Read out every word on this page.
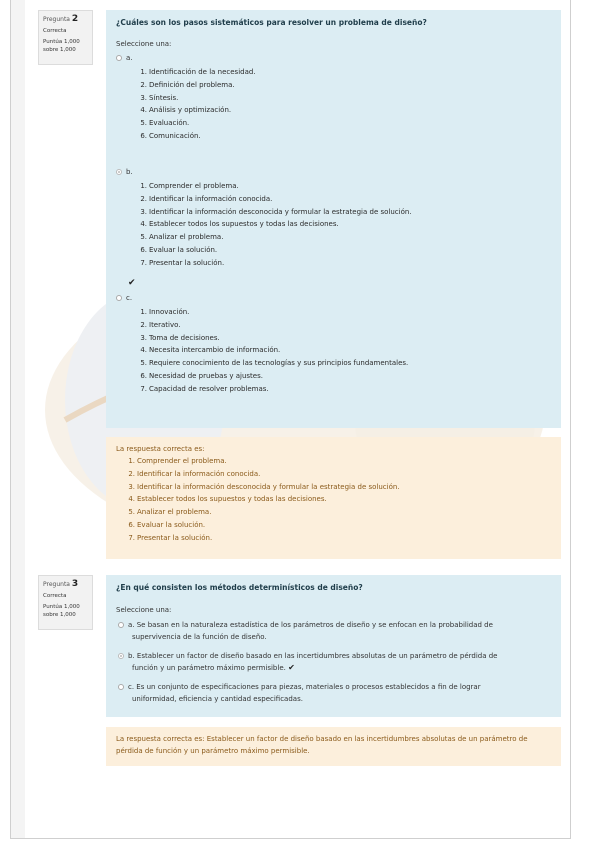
Pregunta 2
Correcta
Puntúa 1,000
sobre 1,000
¿Cuáles son los pasos sistemáticos para resolver un problema de diseño?
Seleccione una:
a.
1. Identificación de la necesidad.
2. Definición del problema.
3. Síntesis.
4. Análisis y optimización.
5. Evaluación.
6. Comunicación.
b.
1. Comprender el problema.
2. Identificar la información conocida.
3. Identificar la información desconocida y formular la estrategia de solución.
4. Establecer todos los supuestos y todas las decisiones.
5. Analizar el problema.
6. Evaluar la solución.
7. Presentar la solución.
✔
c.
1. Innovación.
2. Iterativo.
3. Toma de decisiones.
4. Necesita intercambio de información.
5. Requiere conocimiento de las tecnologías y sus principios fundamentales.
6. Necesidad de pruebas y ajustes.
7. Capacidad de resolver problemas.
La respuesta correcta es:
1. Comprender el problema.
2. Identificar la información conocida.
3. Identificar la información desconocida y formular la estrategia de solución.
4. Establecer todos los supuestos y todas las decisiones.
5. Analizar el problema.
6. Evaluar la solución.
7. Presentar la solución.
Pregunta 3
Correcta
Puntúa 1,000
sobre 1,000
¿En qué consisten los métodos determinísticos de diseño?
Seleccione una:
a. Se basan en la naturaleza estadística de los parámetros de diseño y se enfocan en la probabilidad de
supervivencia de la función de diseño.
b. Establecer un factor de diseño basado en las incertidumbres absolutas de un parámetro de pérdida de
función y un parámetro máximo permisible. ✔
c. Es un conjunto de especificaciones para piezas, materiales o procesos establecidos a fin de lograr
uniformidad, eficiencia y cantidad especificadas.
La respuesta correcta es: Establecer un factor de diseño basado en las incertidumbres absolutas de un parámetro de
pérdida de función y un parámetro máximo permisible.
